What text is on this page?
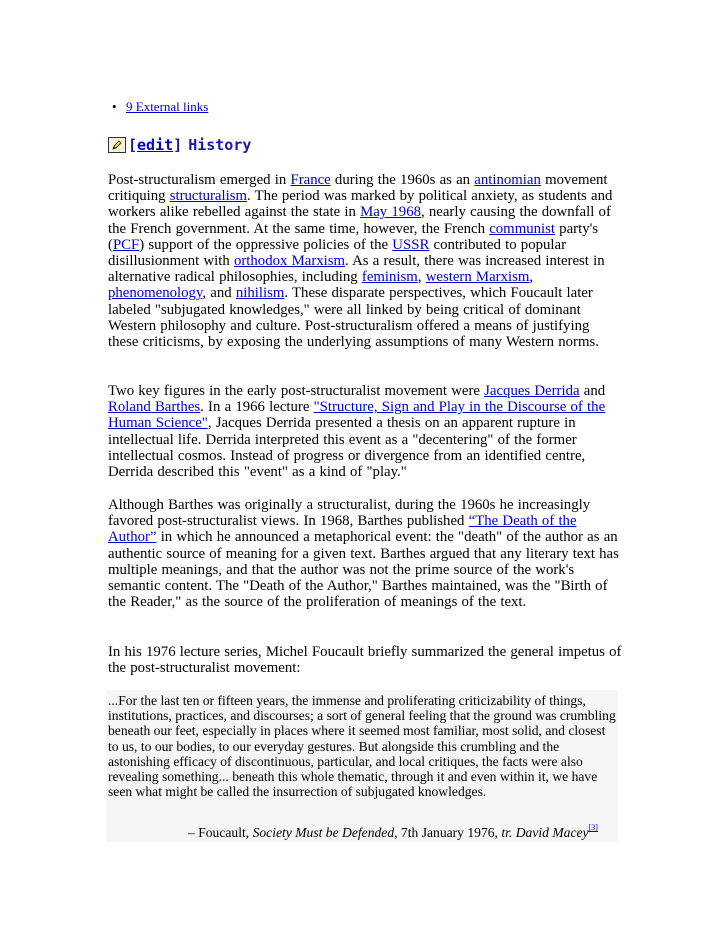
• 9 External links
[ edit ] History

Post-structuralism emerged in France during the 1960s as an antinomian movement critiquing structuralism. The period was marked by political anxiety, as students and workers alike rebelled against the state in May 1968, nearly causing the downfall of the French government. At the same time, however, the French communist party's (PCF) support of the oppressive policies of the USSR contributed to popular disillusionment with orthodox Marxism. As a result, there was increased interest in alternative radical philosophies, including feminism, western Marxism, phenomenology, and nihilism. These disparate perspectives, which Foucault later labeled "subjugated knowledges," were all linked by being critical of dominant Western philosophy and culture. Post-structuralism offered a means of justifying these criticisms, by exposing the underlying assumptions of many Western norms.

Two key figures in the early post-structuralist movement were Jacques Derrida and Roland Barthes. In a 1966 lecture "Structure, Sign and Play in the Discourse of the Human Science", Jacques Derrida presented a thesis on an apparent rupture in intellectual life. Derrida interpreted this event as a "decentering" of the former intellectual cosmos. Instead of progress or divergence from an identified centre, Derrida described this "event" as a kind of "play."

Although Barthes was originally a structuralist, during the 1960s he increasingly favored post-structuralist views. In 1968, Barthes published “The Death of the Author” in which he announced a metaphorical event: the "death" of the author as an authentic source of meaning for a given text. Barthes argued that any literary text has multiple meanings, and that the author was not the prime source of the work's semantic content. The "Death of the Author," Barthes maintained, was the "Birth of the Reader," as the source of the proliferation of meanings of the text.

In his 1976 lecture series, Michel Foucault briefly summarized the general impetus of the post-structuralist movement:

...For the last ten or fifteen years, the immense and proliferating criticizability of things, institutions, practices, and discourses; a sort of general feeling that the ground was crumbling beneath our feet, especially in places where it seemed most familiar, most solid, and closest to us, to our bodies, to our everyday gestures. But alongside this crumbling and the astonishing efficacy of discontinuous, particular, and local critiques, the facts were also revealing something... beneath this whole thematic, through it and even within it, we have seen what might be called the insurrection of subjugated knowledges.
– Foucault, Society Must be Defended, 7th January 1976, tr. David Macey[3]
